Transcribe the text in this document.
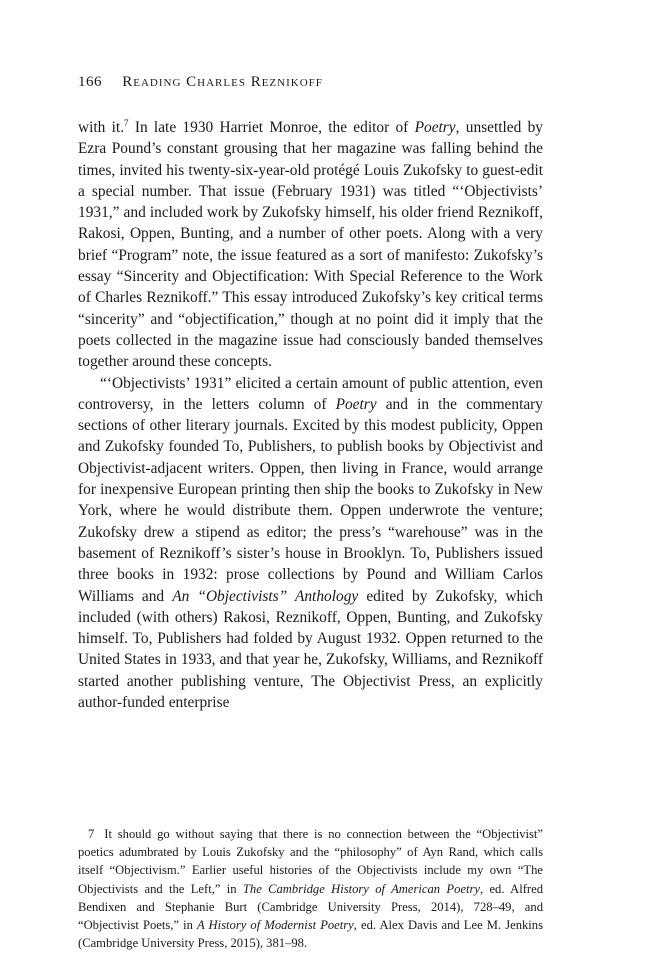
166 Reading Charles Reznikoff

with it.$^7$ In late 1930 Harriet Monroe, the editor of Poetry, unsettled by Ezra Pound’s constant grousing that her magazine was falling behind the times, invited his twenty-six-year-old protégé Louis Zukofsky to guest-edit a special number. That issue (February 1931) was titled “‘Objectivists’ 1931,” and included work by Zukofsky himself, his older friend Reznikoff, Rakosi, Oppen, Bunting, and a number of other poets. Along with a very brief “Program” note, the issue featured as a sort of manifesto: Zukofsky’s essay “Sincerity and Objectification: With Special Reference to the Work of Charles Reznikoff.” This essay introduced Zukofsky’s key critical terms “sincerity” and “objectification,” though at no point did it imply that the poets collected in the magazine issue had consciously banded themselves together around these concepts.

“‘Objectivists’ 1931” elicited a certain amount of public attention, even controversy, in the letters column of Poetry and in the commentary sections of other literary journals. Excited by this modest publicity, Oppen and Zukofsky founded To, Publishers, to publish books by Objectivist and Objectivist-adjacent writers. Oppen, then living in France, would arrange for inexpensive European printing then ship the books to Zukofsky in New York, where he would distribute them. Oppen underwrote the venture; Zukofsky drew a stipend as editor; the press’s “warehouse” was in the basement of Reznikoff’s sister’s house in Brooklyn. To, Publishers issued three books in 1932: prose collections by Pound and William Carlos Williams and An “Objectivists” Anthology edited by Zukofsky, which included (with others) Rakosi, Reznikoff, Oppen, Bunting, and Zukofsky himself. To, Publishers had folded by August 1932. Oppen returned to the United States in 1933, and that year he, Zukofsky, Williams, and Reznikoff started another publishing venture, The Objectivist Press, an explicitly author-funded enterprise

7 It should go without saying that there is no connection between the “Objectivist” poetics adumbrated by Louis Zukofsky and the “philosophy” of Ayn Rand, which calls itself “Objectivism.” Earlier useful histories of the Objectivists include my own “The Objectivists and the Left,” in The Cambridge History of American Poetry, ed. Alfred Bendixen and Stephanie Burt (Cambridge University Press, 2014), 728–49, and “Objectivist Poets,” in A History of Modernist Poetry, ed. Alex Davis and Lee M. Jenkins (Cambridge University Press, 2015), 381–98.
